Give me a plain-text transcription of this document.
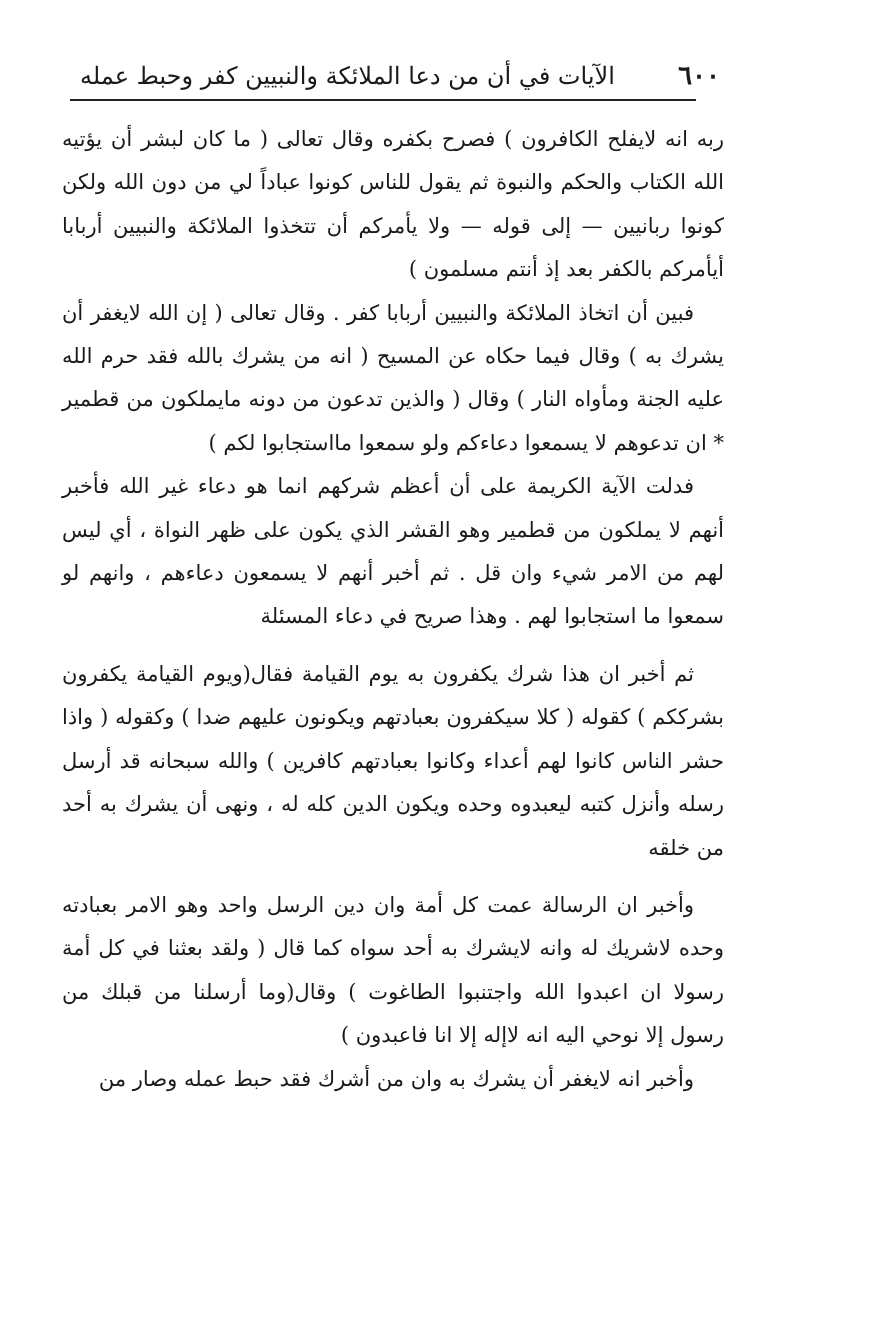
٦٠٠
الآيات في أن من دعا الملائكة والنبيين كفر وحبط عمله

ربه انه لايفلح الكافرون ) فصرح بكفره وقال تعالى ( ما كان لبشر أن يؤتيه الله الكتاب والحكم والنبوة ثم يقول للناس كونوا عباداً لي من دون الله ولكن كونوا ربانيين — إلى قوله — ولا يأمركم أن تتخذوا الملائكة والنبيين أربابا أيأمركم بالكفر بعد إذ أنتم مسلمون )

فبين أن اتخاذ الملائكة والنبيين أربابا كفر . وقال تعالى ( إن الله لايغفر أن يشرك به ) وقال فيما حكاه عن المسيح ( انه من يشرك بالله فقد حرم الله عليه الجنة ومأواه النار ) وقال ( والذين تدعون من دونه مايملكون من قطمير * ان تدعوهم لا يسمعوا دعاءكم ولو سمعوا مااستجابوا لكم )

فدلت الآية الكريمة على أن أعظم شركهم انما هو دعاء غير الله فأخبر أنهم لا يملكون من قطمير وهو القشر الذي يكون على ظهر النواة ، أي ليس لهم من الامر شيء وان قل . ثم أخبر أنهم لا يسمعون دعاءهم ، وانهم لو سمعوا ما استجابوا لهم . وهذا صريح في دعاء المسئلة

ثم أخبر ان هذا شرك يكفرون به يوم القيامة فقال(ويوم القيامة يكفرون بشرككم ) كقوله ( كلا سيكفرون بعبادتهم ويكونون عليهم ضدا ) وكقوله ( واذا حشر الناس كانوا لهم أعداء وكانوا بعبادتهم كافرين ) والله سبحانه قد أرسل رسله وأنزل كتبه ليعبدوه وحده ويكون الدين كله له ، ونهى أن يشرك به أحد من خلقه

وأخبر ان الرسالة عمت كل أمة وان دين الرسل واحد وهو الامر بعبادته وحده لاشريك له وانه لايشرك به أحد سواه كما قال ( ولقد بعثنا في كل أمة رسولا ان اعبدوا الله واجتنبوا الطاغوت ) وقال(وما أرسلنا من قبلك من رسول إلا نوحي اليه انه لاإله إلا انا فاعبدون )

وأخبر انه لايغفر أن يشرك به وان من أشرك فقد حبط عمله وصار من
